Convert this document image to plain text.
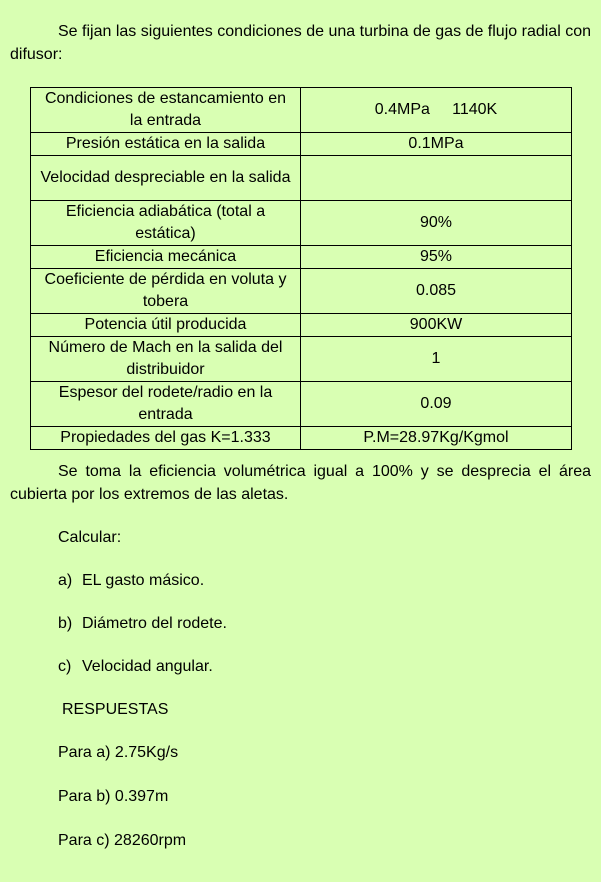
Se fijan las siguientes condiciones de una turbina de gas de flujo radial con difusor:

Condiciones de estancamiento en la entrada	0.4MPa     1140K
Presión estática en la salida	0.1MPa
Velocidad despreciable en la salida	
Eficiencia adiabática (total a estática)	90%
Eficiencia mecánica	95%
Coeficiente de pérdida en voluta y tobera	0.085
Potencia útil producida	900KW
Número de Mach en la salida del distribuidor	1
Espesor del rodete/radio en la entrada	0.09
Propiedades del gas K=1.333	P.M=28.97Kg/Kgmol

Se toma la eficiencia volumétrica igual a 100% y se desprecia el área cubierta por los extremos de las aletas.

Calcular:
a) EL gasto másico.
b) Diámetro del rodete.
c) Velocidad angular.
RESPUESTAS
Para a) 2.75Kg/s
Para b) 0.397m
Para c) 28260rpm
